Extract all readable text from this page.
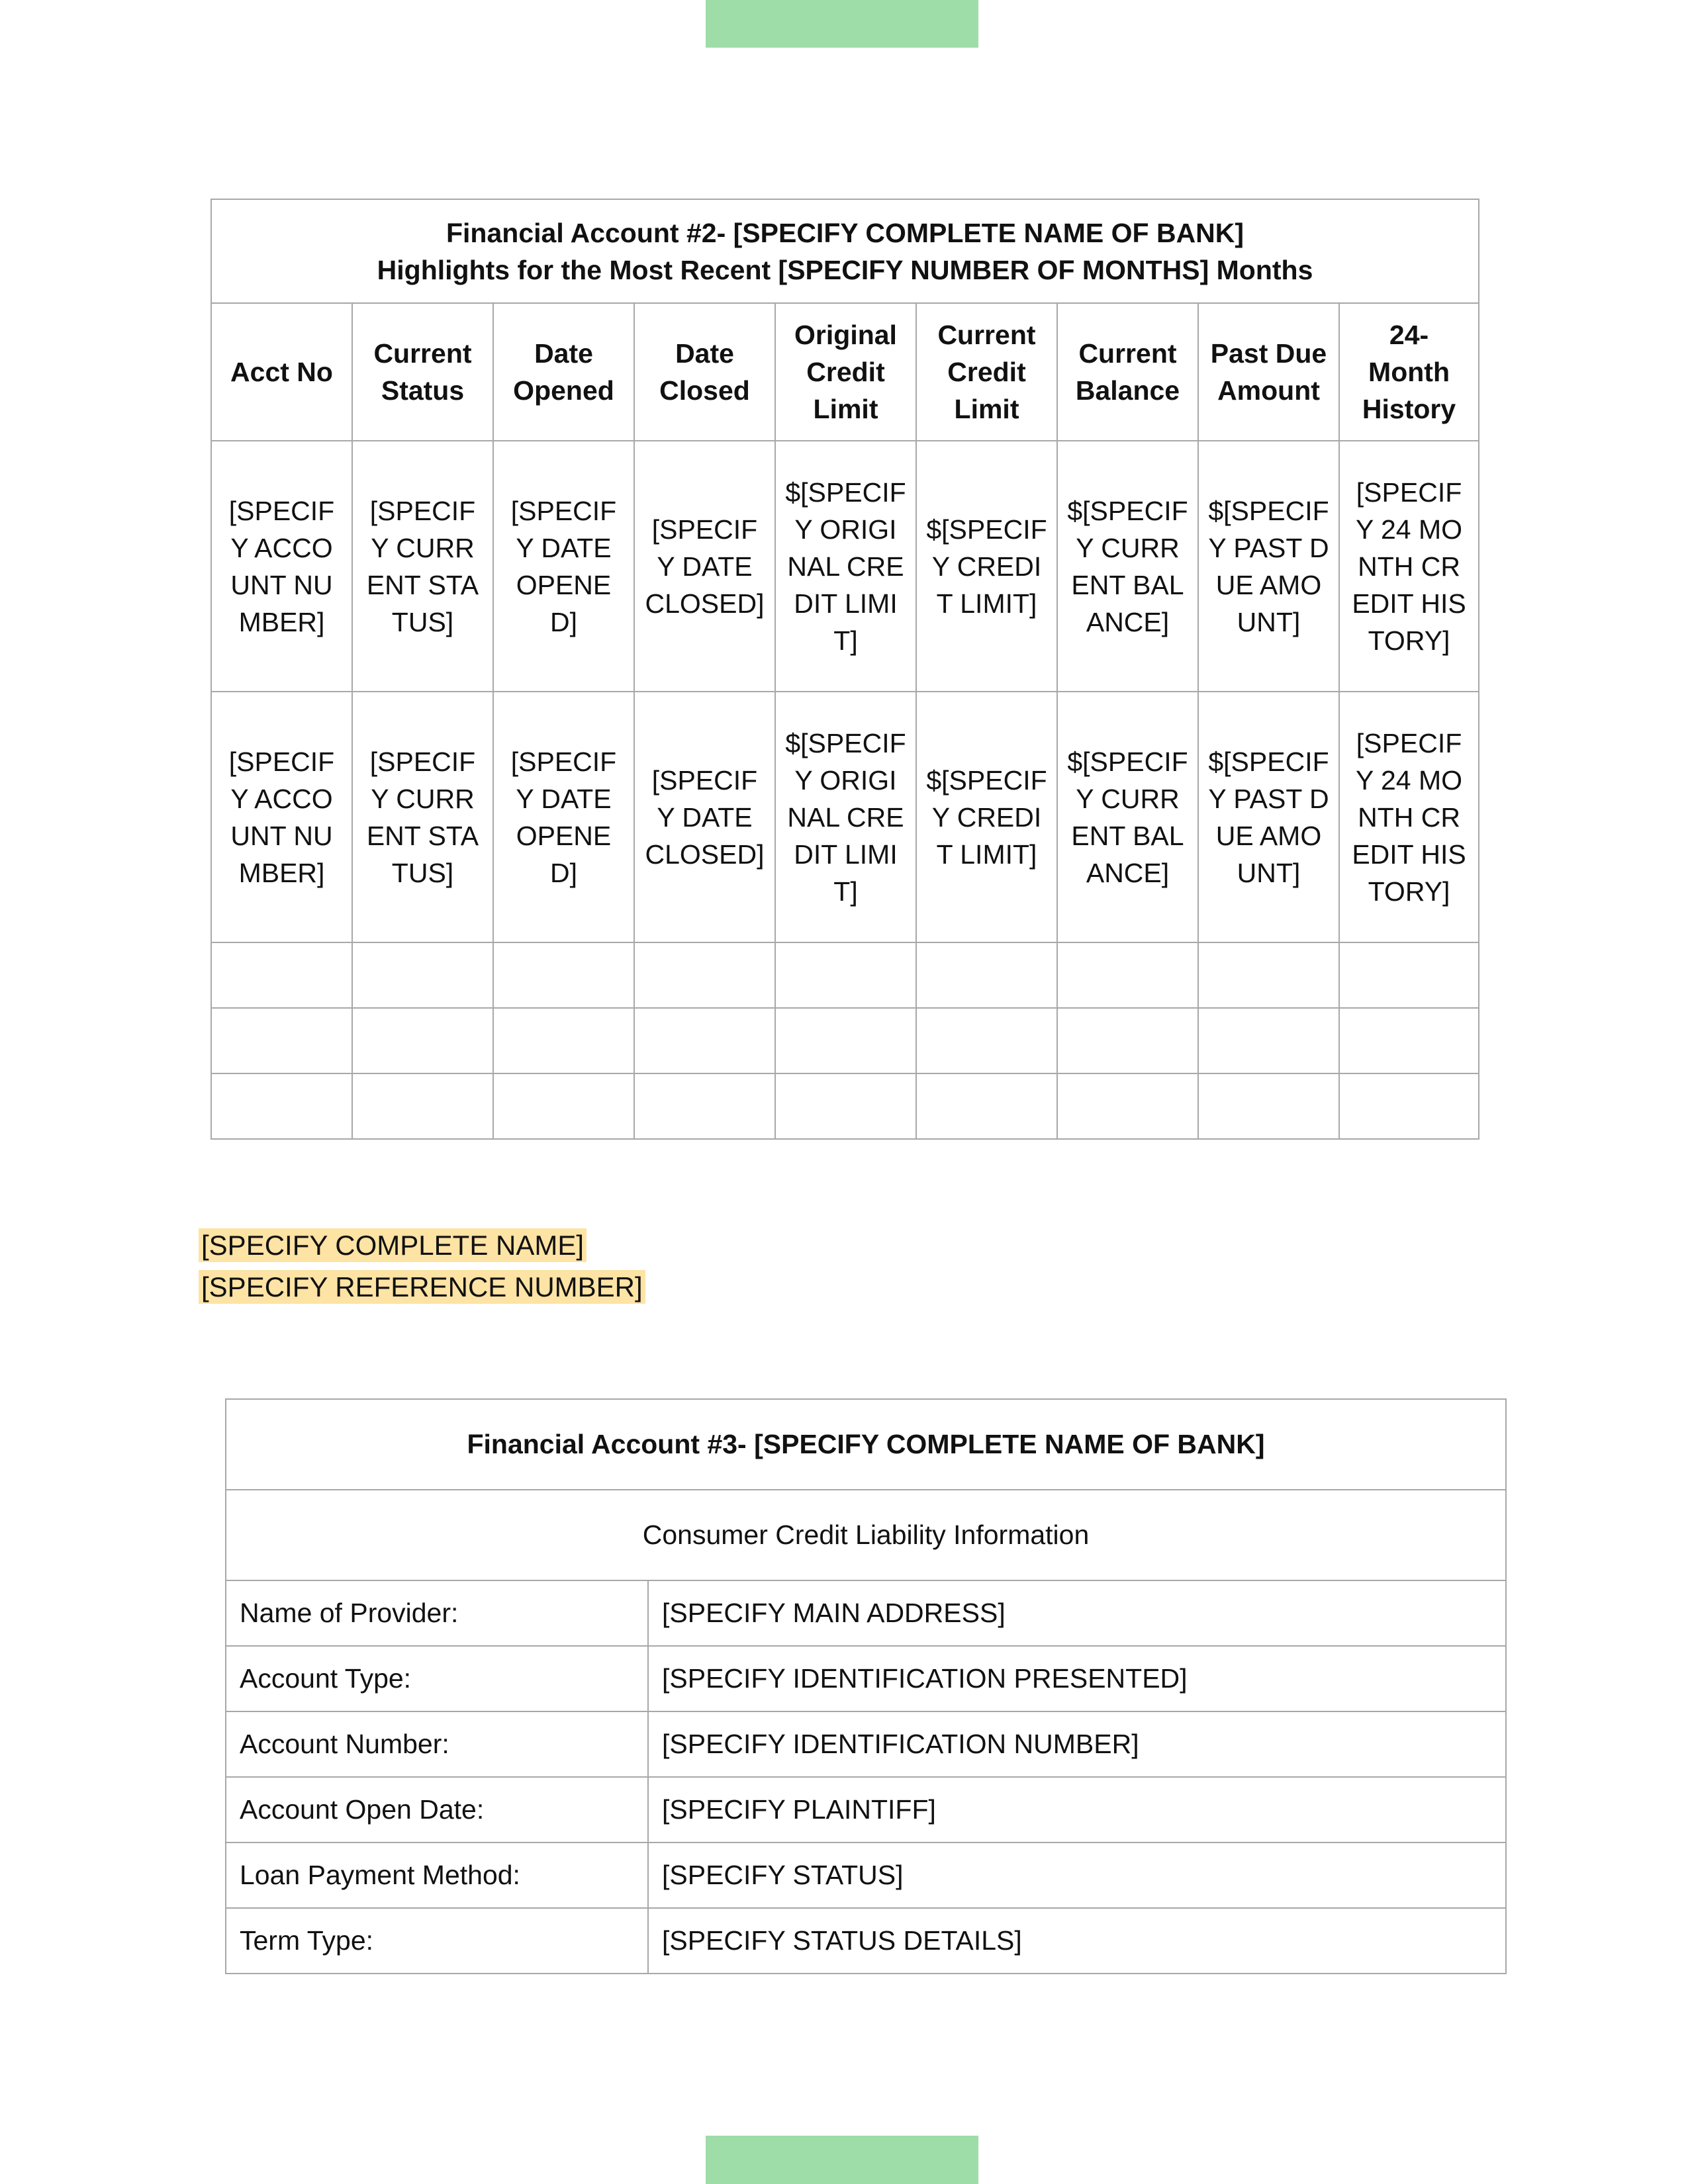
Financial Account #2- [SPECIFY COMPLETE NAME OF BANK]
Highlights for the Most Recent [SPECIFY NUMBER OF MONTHS] Months								

Acct No	Current Status	Date Opened	Date Closed	Original Credit Limit	Current Credit Limit	Current Balance	Past Due Amount	24-Month History
[SPECIFY ACCOUNT NUMBER]	[SPECIFY CURRENT STATUS]	[SPECIFY DATE OPENED]	[SPECIFY DATE CLOSED]	$[SPECIFY ORIGINAL CREDIT LIMIT]	$[SPECIFY CREDIT LIMIT]	$[SPECIFY CURRENT BALANCE]	$[SPECIFY PAST DUE AMOUNT]	[SPECIFY 24 MONTH CREDIT HISTORY]
[SPECIFY ACCOUNT NUMBER]	[SPECIFY CURRENT STATUS]	[SPECIFY DATE OPENED]	[SPECIFY DATE CLOSED]	$[SPECIFY ORIGINAL CREDIT LIMIT]	$[SPECIFY CREDIT LIMIT]	$[SPECIFY CURRENT BALANCE]	$[SPECIFY PAST DUE AMOUNT]	[SPECIFY 24 MONTH CREDIT HISTORY]

[SPECIFY COMPLETE NAME]
[SPECIFY REFERENCE NUMBER]
Financial Account #3- [SPECIFY COMPLETE NAME OF BANK]	
Consumer Credit Liability Information	
Name of Provider:	[SPECIFY MAIN ADDRESS]
Account Type:	[SPECIFY IDENTIFICATION PRESENTED]
Account Number:	[SPECIFY IDENTIFICATION NUMBER]
Account Open Date:	[SPECIFY PLAINTIFF]
Loan Payment Method:	[SPECIFY STATUS]
Term Type:	[SPECIFY STATUS DETAILS]
